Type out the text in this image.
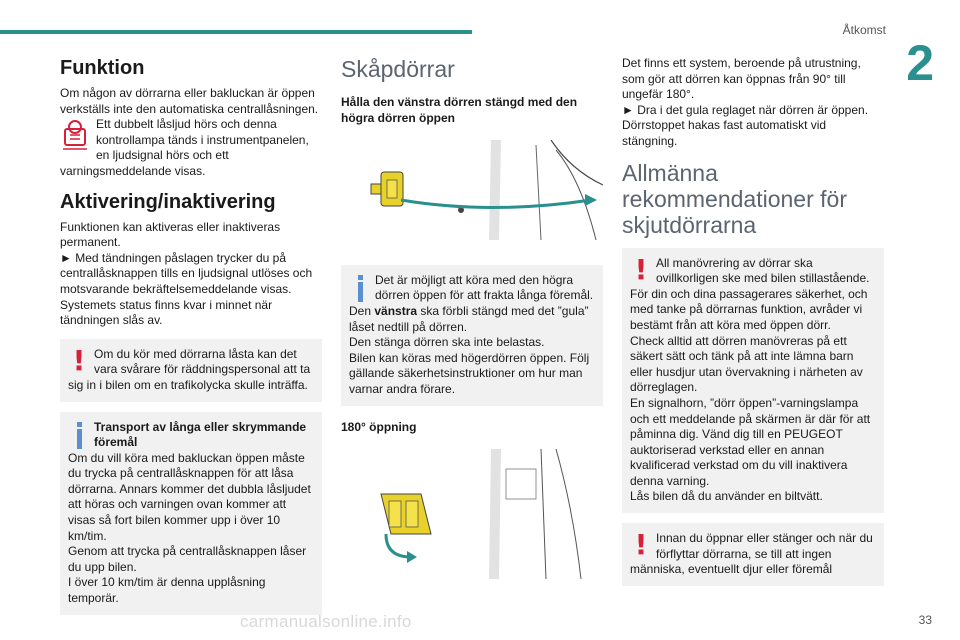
Åtkomst
2
Funktion

Om någon av dörrarna eller bakluckan är öppen verkställs inte den automatiska centrallåsningen.

Ett dubbelt låsljud hörs och denna kontrollampa tänds i instrumentpanelen, en ljudsignal hörs och ett varningsmeddelande visas.

Aktivering/inaktivering

Funktionen kan aktiveras eller inaktiveras permanent.

► Med tändningen påslagen trycker du på centrallåsknappen tills en ljudsignal utlöses och motsvarande bekräftelsemeddelande visas.

Systemets status finns kvar i minnet när tändningen slås av.

! Om du kör med dörrarna låsta kan det vara svårare för räddningspersonal att ta sig in i bilen om en trafikolycka skulle inträffa.

Transport av långa eller skrymmande föremål

Om du vill köra med bakluckan öppen måste du trycka på centrallåsknappen för att låsa dörrarna. Annars kommer det dubbla låsljudet att höras och varningen ovan kommer att visas så fort bilen kommer upp i över 10 km/tim.

Genom att trycka på centrallåsknappen låser du upp bilen.

I över 10 km/tim är denna upplåsning temporär.

Skåpdörrar
Hålla den vänstra dörren stängd med den högra dörren öppen

Det är möjligt att köra med den högra dörren öppen för att frakta långa föremål.

Den vänstra ska förbli stängd med det ”gula” låset nedtill på dörren.

Den stänga dörren ska inte belastas.

Bilen kan köras med högerdörren öppen. Följ gällande säkerhetsinstruktioner om hur man varnar andra förare.

180° öppning

Det finns ett system, beroende på utrustning, som gör att dörren kan öppnas från 90° till ungefär 180°.

► Dra i det gula reglaget när dörren är öppen.

Dörrstoppet hakas fast automatiskt vid stängning.

Allmänna
rekommendationer för
skjutdörrarna
! All manövrering av dörrar ska ovillkorligen ske med bilen stillastående.

För din och dina passagerares säkerhet, och med tanke på dörrarnas funktion, avråder vi bestämt från att köra med öppen dörr.

Check alltid att dörren manövreras på ett säkert sätt och tänk på att inte lämna barn eller husdjur utan övervakning i närheten av dörreglagen.

En signalhorn, ”dörr öppen”-varningslampa och ett meddelande på skärmen är där för att påminna dig. Vänd dig till en PEUGEOT auktoriserad verkstad eller en annan kvalificerad verkstad om du vill inaktivera denna varning.

Lås bilen då du använder en biltvätt.

! Innan du öppnar eller stänger och när du förflyttar dörrarna, se till att ingen människa, eventuellt djur eller föremål

carmanualsonline.info	33
